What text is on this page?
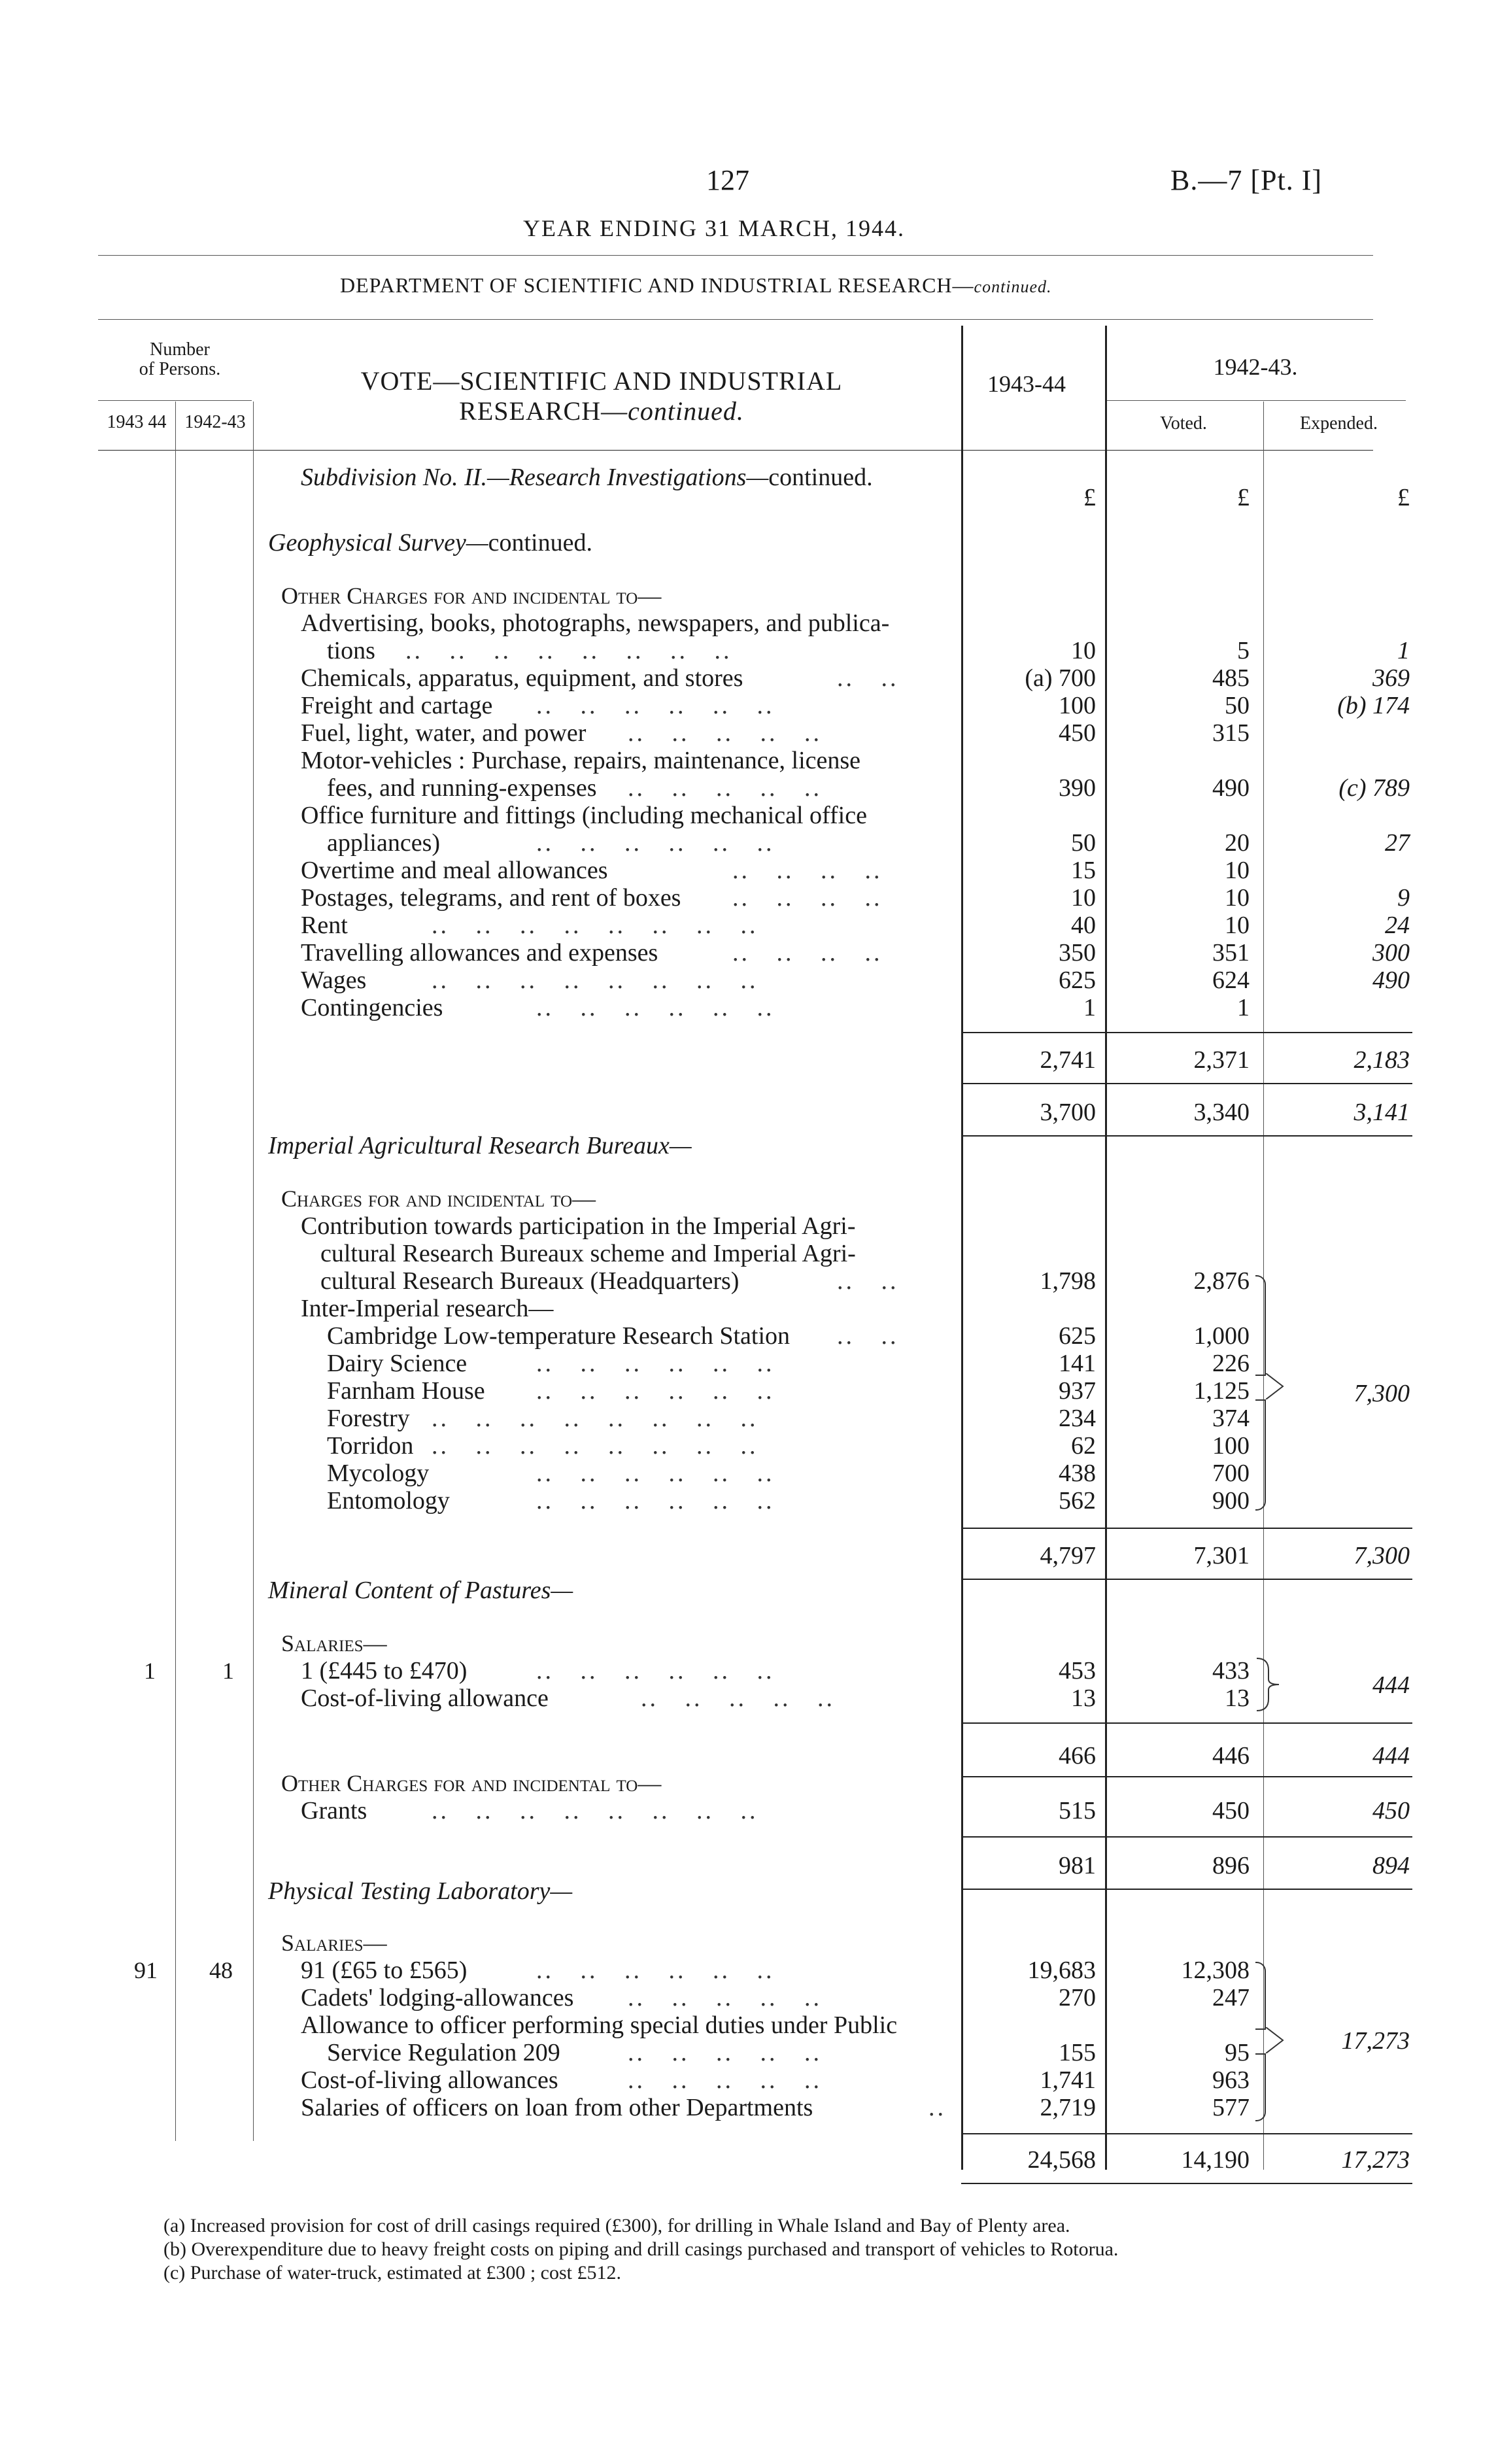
127	B.—7 [Pt. I]
YEAR ENDING 31 MARCH, 1944.
DEPARTMENT OF SCIENTIFIC AND INDUSTRIAL RESEARCH—continued.
Number
of Persons.
1943 44 1942-43
VOTE—SCIENTIFIC AND INDUSTRIAL
RESEARCH—continued.
1943-44
1942-43.
Voted.	Expended.
£	£	£
Subdivision No. II.—Research Investigations—continued.
Geophysical Survey—continued.
Other Charges for and incidental to—
Advertising, books, photographs, newspapers, and publica-
tions ..   ..   ..   ..   ..   ..   ..   ..	10	5	1
Chemicals, apparatus, equipment, and stores	..   ..	(a) 700	485	369
Freight and cartage ..   ..   ..   ..   ..   ..	100	50	(b) 174
Fuel, light, water, and power ..   ..   ..   ..   ..	450	315
Motor-vehicles : Purchase, repairs, maintenance, license
fees, and running-expenses ..   ..   ..   ..   ..	390	490	(c) 789
Office furniture and fittings (including mechanical office
appliances)	..   ..   ..   ..   ..   ..	50	20	27
Overtime and meal allowances	..   ..   ..   ..	15	10
Postages, telegrams, and rent of boxes ..   ..   ..   ..	10	10	9
Rent	..   ..   ..   ..   ..   ..   ..   ..	40	10	24
Travelling allowances and expenses	..   ..   ..   ..	350	351	300
Wages	..   ..   ..   ..   ..   ..   ..   ..	625	624	490
Contingencies	..   ..   ..   ..   ..   ..	1	1
2,741	2,371	2,183
3,700	3,340	3,141
Imperial Agricultural Research Bureaux—
Charges for and incidental to—
Contribution towards participation in the Imperial Agri-
cultural Research Bureaux scheme and Imperial Agri-
cultural Research Bureaux (Headquarters)	..   ..	1,798	2,876
Inter-Imperial research—
Cambridge Low-temperature Research Station ..   ..	625	1,000
Dairy Science	..   ..   ..   ..   ..   ..	141	226
Farnham House ..   ..   ..   ..   ..   ..	937	1,125
Forestry ..   ..   ..   ..   ..   ..   ..   ..	234	374
Torridon ..   ..   ..   ..   ..   ..   ..   ..	62	100
Mycology	..   ..   ..   ..   ..   ..	438	700
Entomology	..   ..   ..   ..   ..   ..	562	900
7,300
4,797	7,301	7,300
Mineral Content of Pastures—
Salaries—
1	1	1 (£445 to £470)	..   ..   ..   ..   ..   ..	453	433
Cost-of-living allowance	..   ..   ..   ..   ..	13	13	444
466	446	444
Other Charges for and incidental to—
Grants	..   ..   ..   ..   ..   ..   ..   ..	515	450	450
981	896	894
Physical Testing Laboratory—
Salaries—
91 48	91 (£65 to £565)	..   ..   ..   ..   ..   ..	19,683	12,308
Cadets' lodging-allowances ..   ..   ..   ..   ..	270	247
Allowance to officer performing special duties under Public
Service Regulation 209	..   ..   ..   ..   ..	155	95
Cost-of-living allowances	..   ..   ..   ..   ..	1,741	963
Salaries of officers on loan from other Departments	..	2,719	577
17,273
24,568	14,190	17,273
(a) Increased provision for cost of drill casings required (£300), for drilling in Whale Island and Bay of Plenty area.
(b) Overexpenditure due to heavy freight costs on piping and drill casings purchased and transport of vehicles to Rotorua.
(c) Purchase of water-truck, estimated at £300 ; cost £512.
